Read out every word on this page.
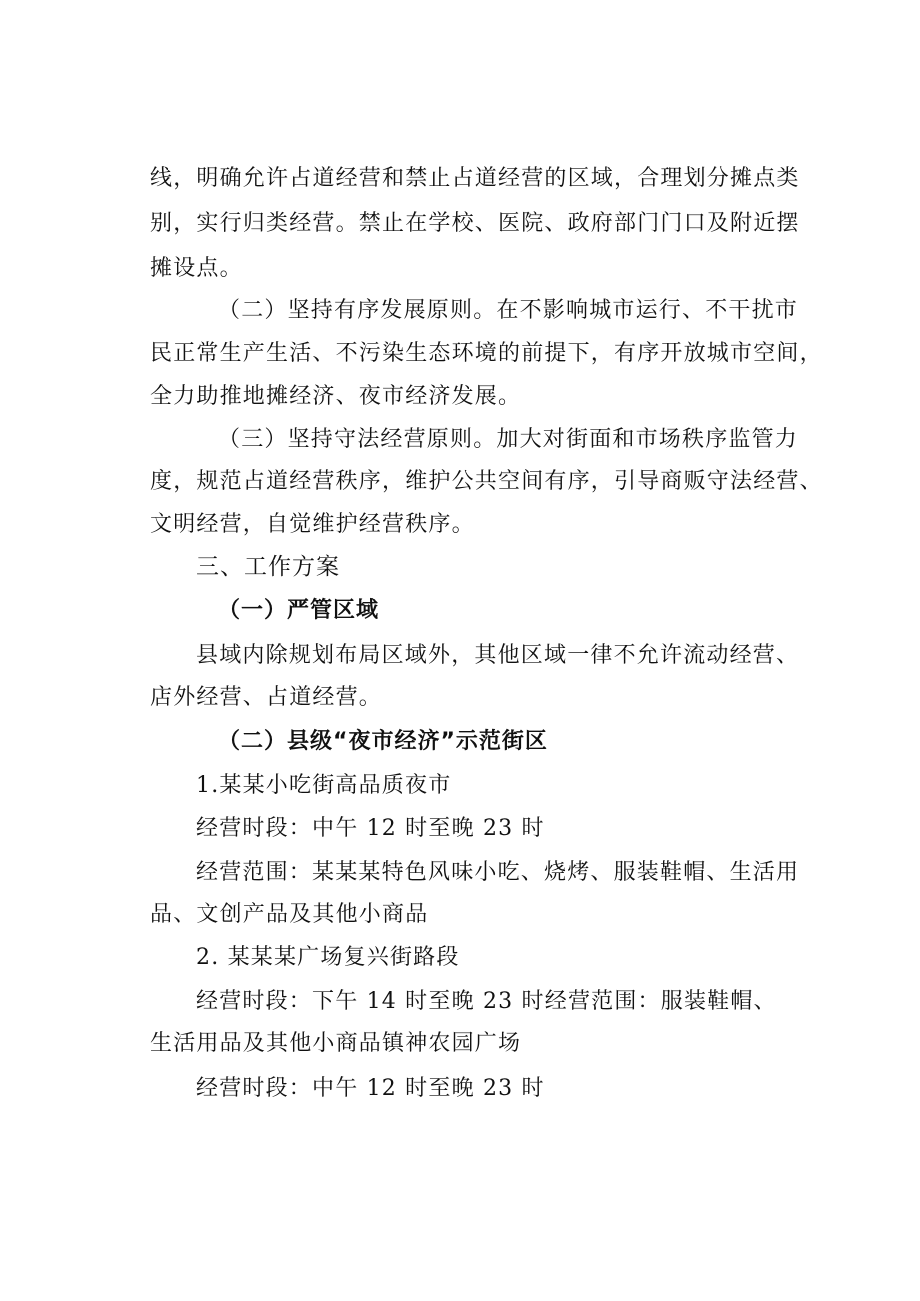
线，明确允许占道经营和禁止占道经营的区域，合理划分摊点类
别，实行归类经营。禁止在学校、医院、政府部门门口及附近摆
摊设点。
（二）坚持有序发展原则。在不影响城市运行、不干扰市
民正常生产生活、不污染生态环境的前提下，有序开放城市空间，
全力助推地摊经济、夜市经济发展。
（三）坚持守法经营原则。加大对街面和市场秩序监管力
度，规范占道经营秩序，维护公共空间有序，引导商贩守法经营、
文明经营，自觉维护经营秩序。
三、工作方案
（一）严管区域
县域内除规划布局区域外，其他区域一律不允许流动经营、
店外经营、占道经营。
（二）县级“夜市经济”示范街区
1.某某小吃街高品质夜市
经营时段：中午 12 时至晚 23 时
经营范围：某某某特色风味小吃、烧烤、服装鞋帽、生活用
品、文创产品及其他小商品
2. 某某某广场复兴街路段
经营时段：下午 14 时至晚 23 时经营范围：服装鞋帽、
生活用品及其他小商品镇神农园广场
经营时段：中午 12 时至晚 23 时
